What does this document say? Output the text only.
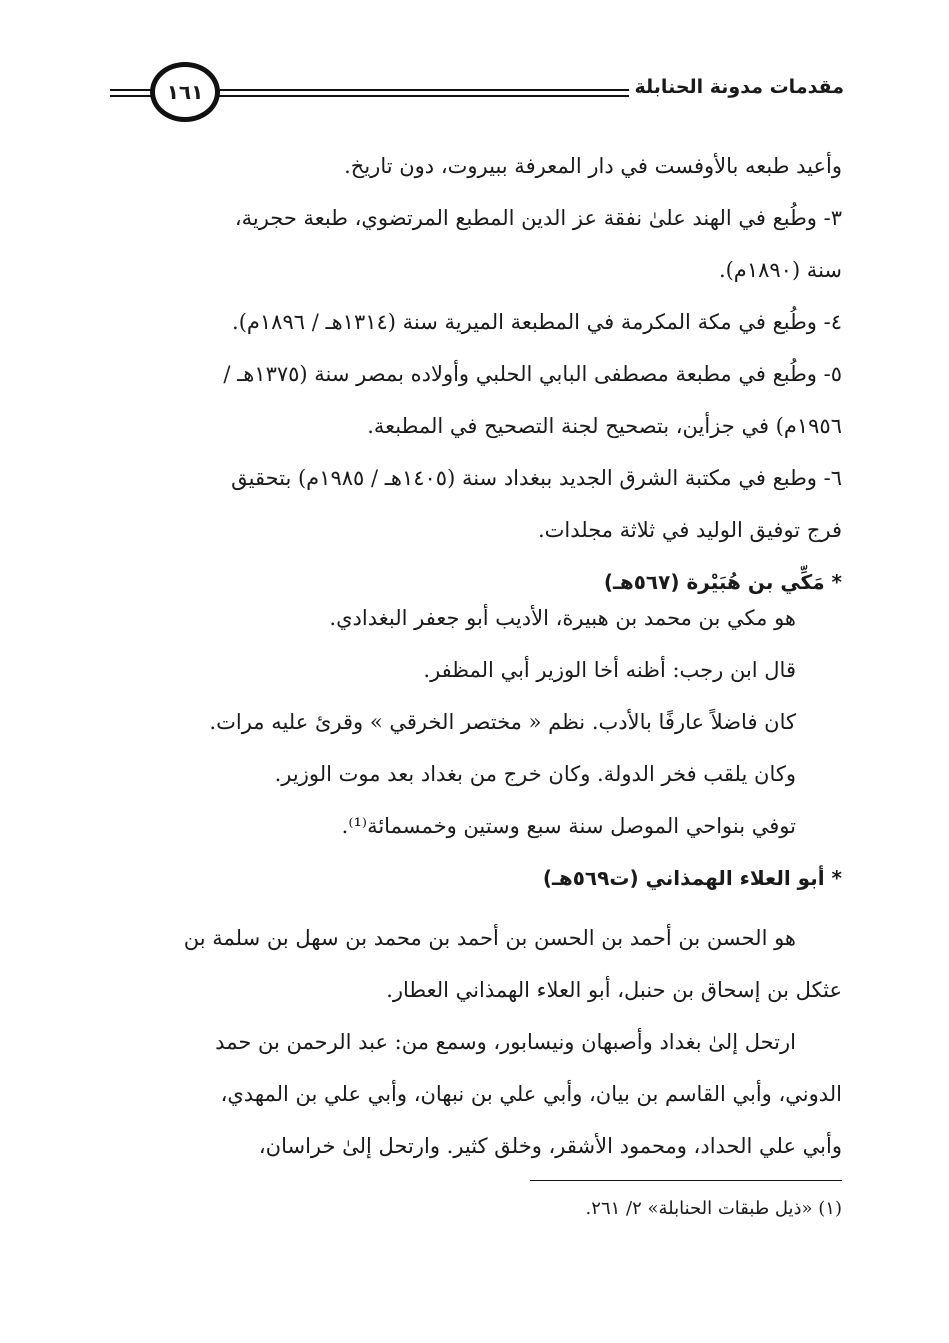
مقدمات مدونة الحنابلة
١٦١
وأعيد طبعه بالأوفست في دار المعرفة ببيروت، دون تاريخ.
٣- وطُبع في الهند علىٰ نفقة عز الدين المطبع المرتضوي، طبعة حجرية،
سنة (١٨٩٠م).
٤- وطُبع في مكة المكرمة في المطبعة الميرية سنة (١٣١٤هـ / ١٨٩٦م).
٥- وطُبع في مطبعة مصطفى البابي الحلبي وأولاده بمصر سنة (١٣٧٥هـ /
١٩٥٦م) في جزأين، بتصحيح لجنة التصحيح في المطبعة.
٦- وطبع في مكتبة الشرق الجديد ببغداد سنة (١٤٠٥هـ / ١٩٨٥م) بتحقيق
فرج توفيق الوليد في ثلاثة مجلدات.
* مَكِّي بن هُبَيْرة (٥٦٧هـ)
هو مكي بن محمد بن هبيرة، الأديب أبو جعفر البغدادي.
قال ابن رجب: أظنه أخا الوزير أبي المظفر.
كان فاضلاً عارفًا بالأدب. نظم « مختصر الخرقي » وقرئ عليه مرات.
وكان يلقب فخر الدولة. وكان خرج من بغداد بعد موت الوزير.
توفي بنواحي الموصل سنة سبع وستين وخمسمائة⁽¹⁾.
* أبو العلاء الهمذاني (ت٥٦٩هـ)
هو الحسن بن أحمد بن الحسن بن أحمد بن محمد بن سهل بن سلمة بن
عثكل بن إسحاق بن حنبل، أبو العلاء الهمذاني العطار.
ارتحل إلىٰ بغداد وأصبهان ونيسابور، وسمع من: عبد الرحمن بن حمد
الدوني، وأبي القاسم بن بيان، وأبي علي بن نبهان، وأبي علي بن المهدي،
وأبي علي الحداد، ومحمود الأشقر، وخلق كثير. وارتحل إلىٰ خراسان،
(١) «ذيل طبقات الحنابلة» ٢/ ٢٦١.
